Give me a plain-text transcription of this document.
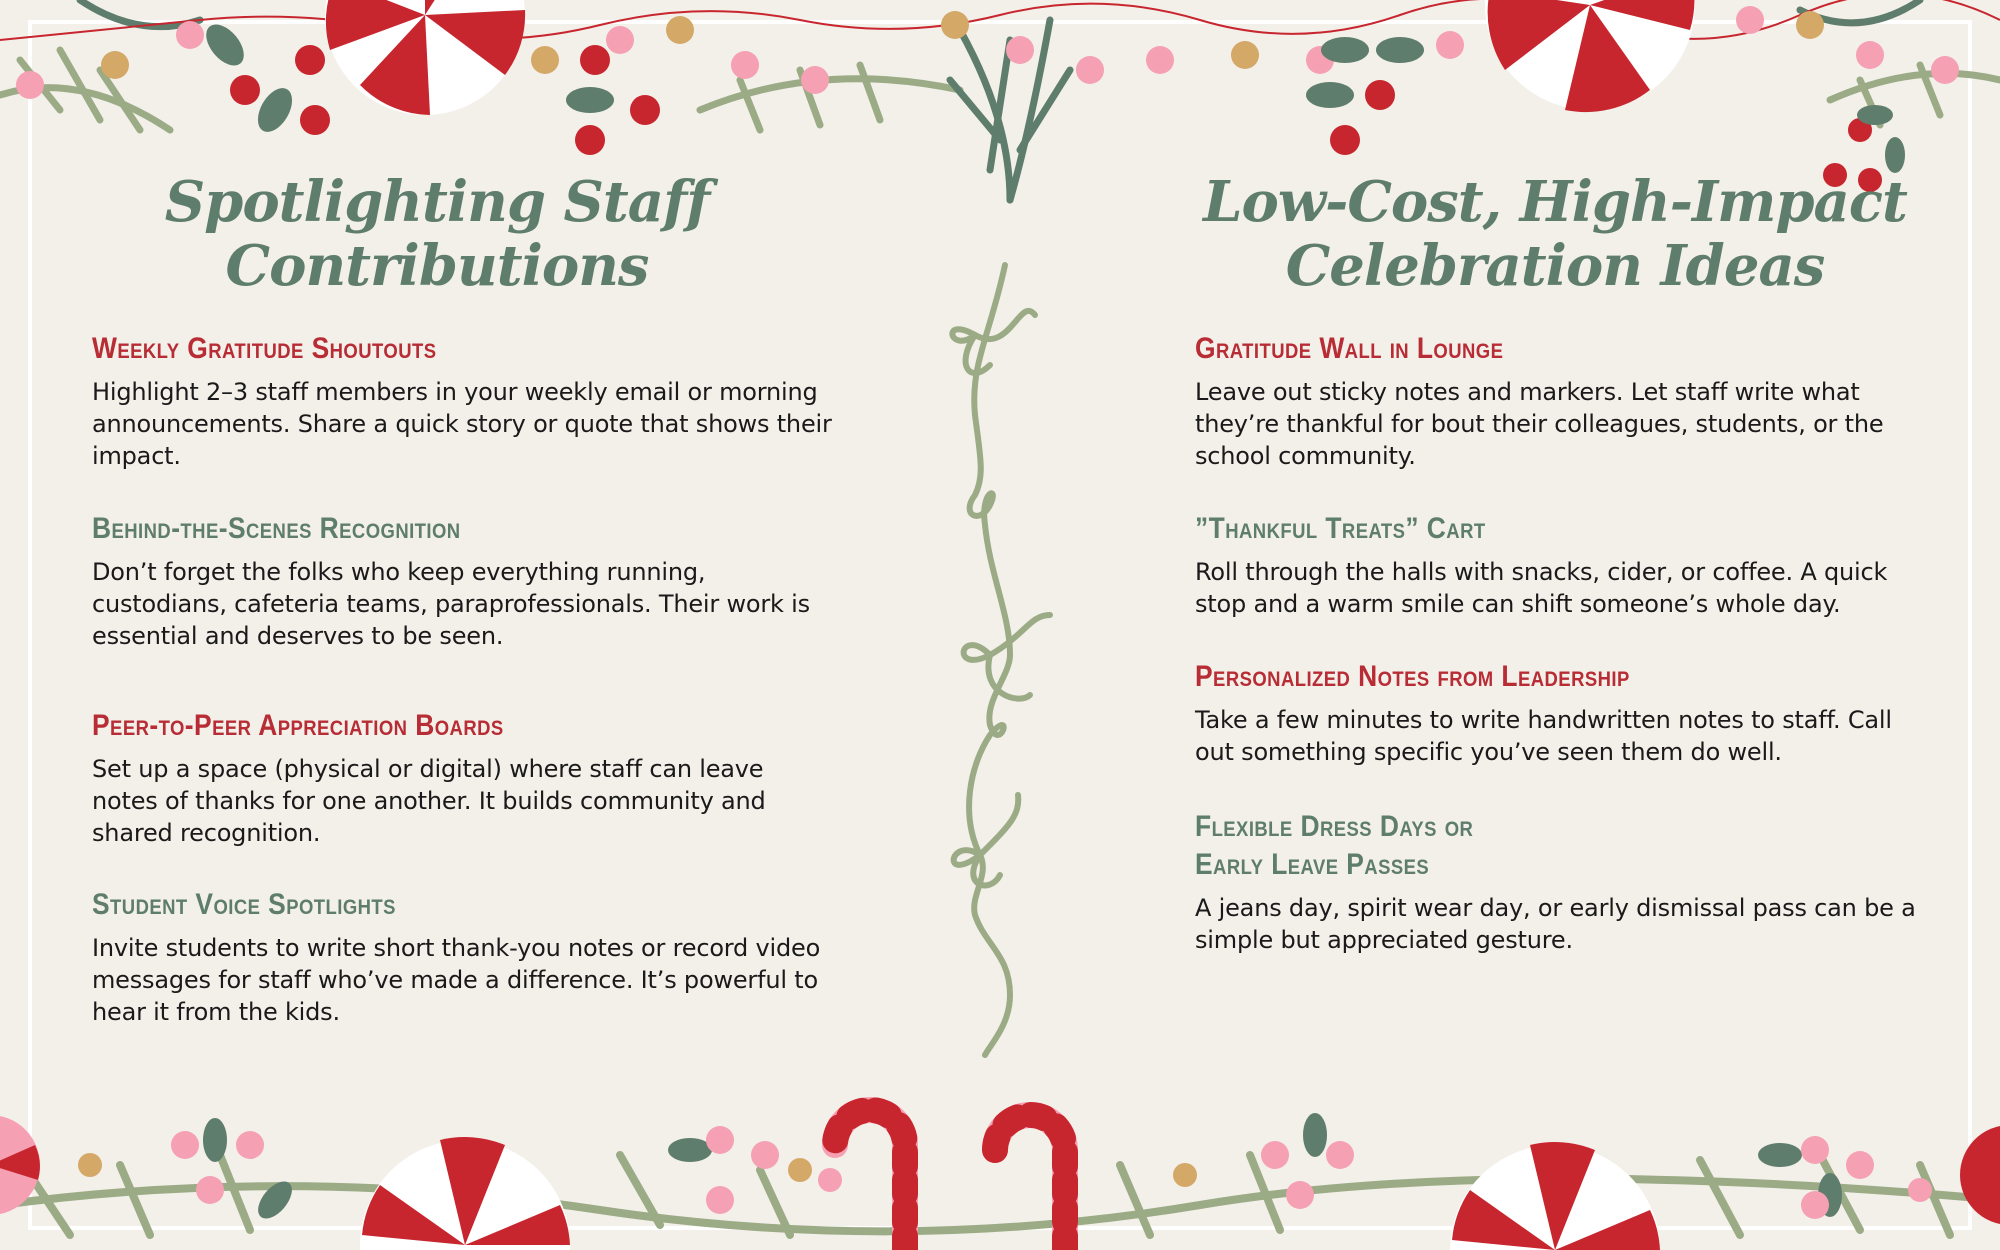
Spotlighting Staff
Contributions
Weekly Gratitude Shoutouts

Highlight 2–3 staff members in your weekly email or morning announcements. Share a quick story or quote that shows their impact.

Behind-the-Scenes Recognition

Don’t forget the folks who keep everything running, custodians, cafeteria teams, paraprofessionals. Their work is essential and deserves to be seen.

Peer-to-Peer Appreciation Boards

Set up a space (physical or digital) where staff can leave notes of thanks for one another. It builds community and shared recognition.

Student Voice Spotlights

Invite students to write short thank-you notes or record video messages for staff who’ve made a difference. It’s powerful to hear it from the kids.

Low-Cost, High-Impact
Celebration Ideas
Gratitude Wall in Lounge

Leave out sticky notes and markers. Let staff write what they’re thankful for bout their colleagues, students, or the school community.

”Thankful Treats” Cart

Roll through the halls with snacks, cider, or coffee. A quick stop and a warm smile can shift someone’s whole day.

Personalized Notes from Leadership

Take a few minutes to write handwritten notes to staff. Call out something specific you’ve seen them do well.

Flexible Dress Days or
Early Leave Passes

A jeans day, spirit wear day, or early dismissal pass can be a simple but appreciated gesture.
